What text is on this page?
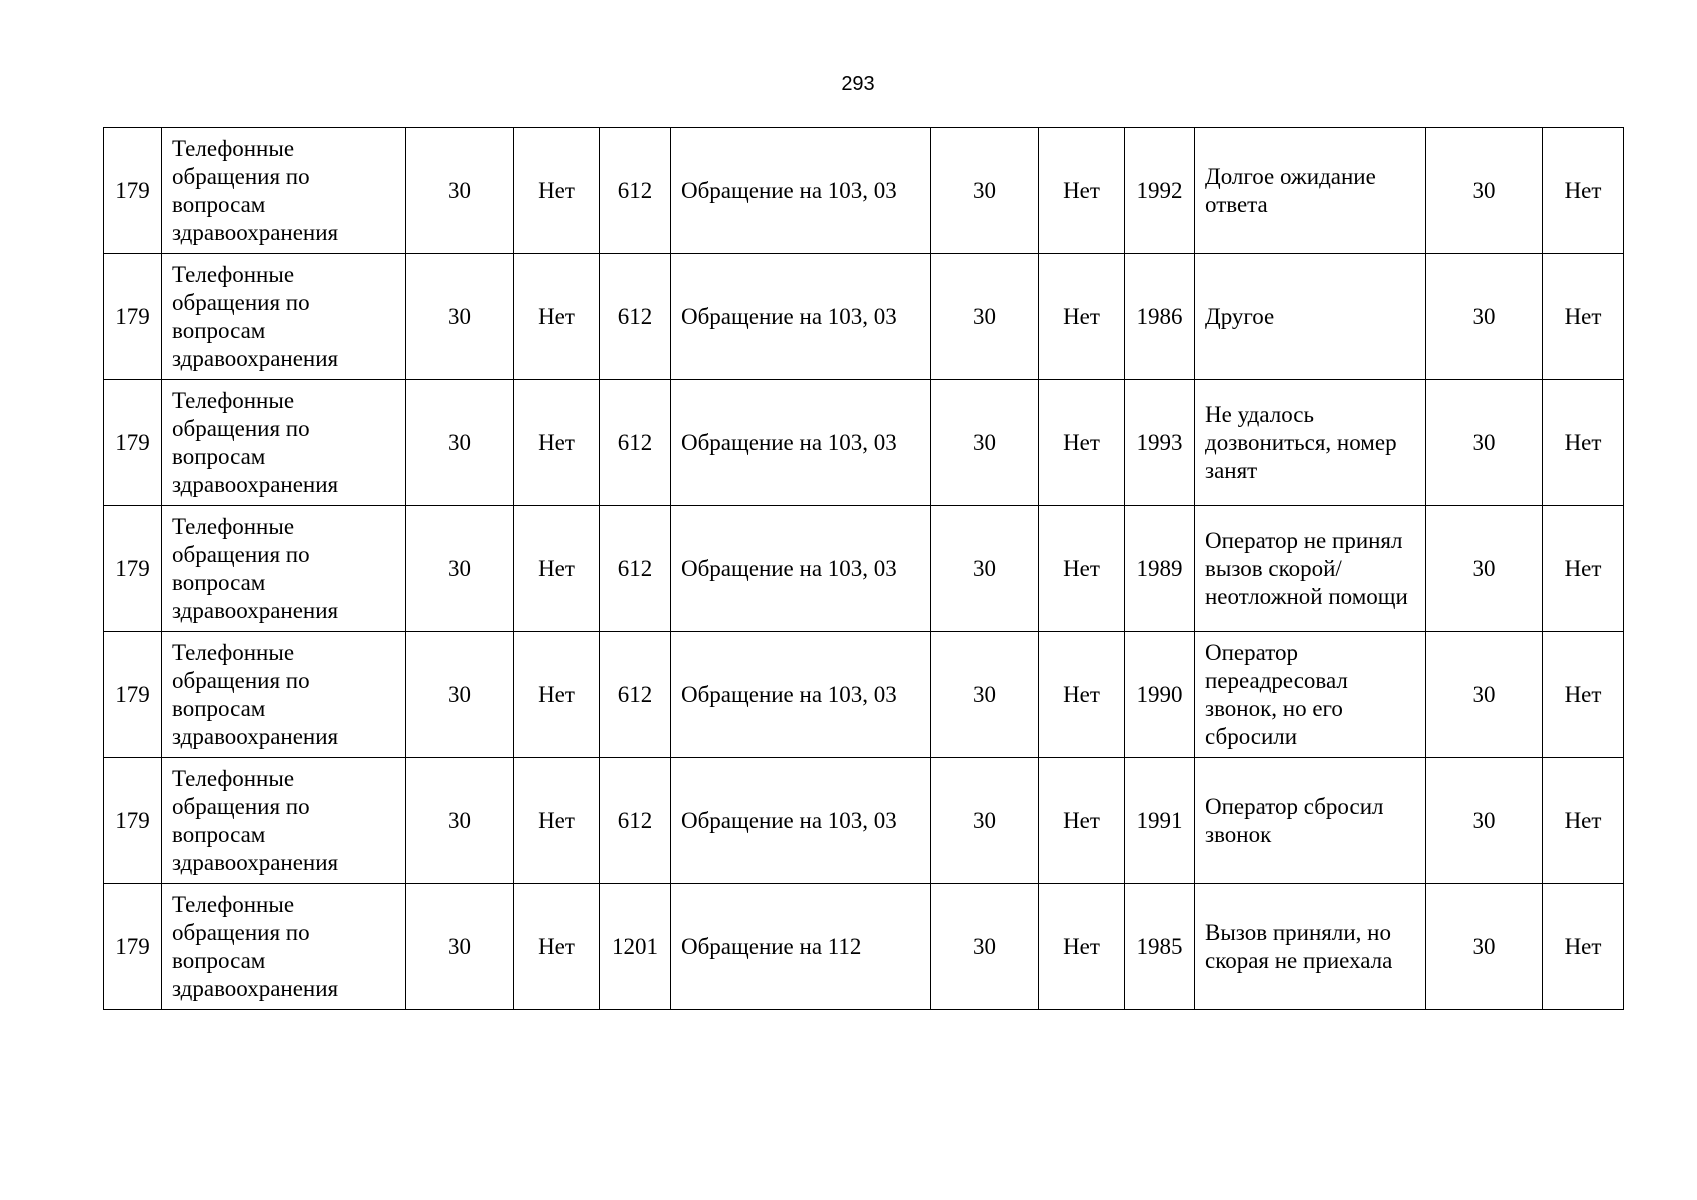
293
179	Телефонные обращения по вопросам здравоохранения	30	Нет	612	Обращение на 103, 03	30	Нет	1992	Долгое ожидание ответа	30	Нет
179	Телефонные обращения по вопросам здравоохранения	30	Нет	612	Обращение на 103, 03	30	Нет	1986	Другое	30	Нет
179	Телефонные обращения по вопросам здравоохранения	30	Нет	612	Обращение на 103, 03	30	Нет	1993	Не удалось дозвониться, номер занят	30	Нет
179	Телефонные обращения по вопросам здравоохранения	30	Нет	612	Обращение на 103, 03	30	Нет	1989	Оператор не принял вызов скорой/неотложной помощи	30	Нет
179	Телефонные обращения по вопросам здравоохранения	30	Нет	612	Обращение на 103, 03	30	Нет	1990	Оператор переадресовал звонок, но его сбросили	30	Нет
179	Телефонные обращения по вопросам здравоохранения	30	Нет	612	Обращение на 103, 03	30	Нет	1991	Оператор сбросил звонок	30	Нет
179	Телефонные обращения по вопросам здравоохранения	30	Нет	1201	Обращение на 112	30	Нет	1985	Вызов приняли, но скорая не приехала	30	Нет
